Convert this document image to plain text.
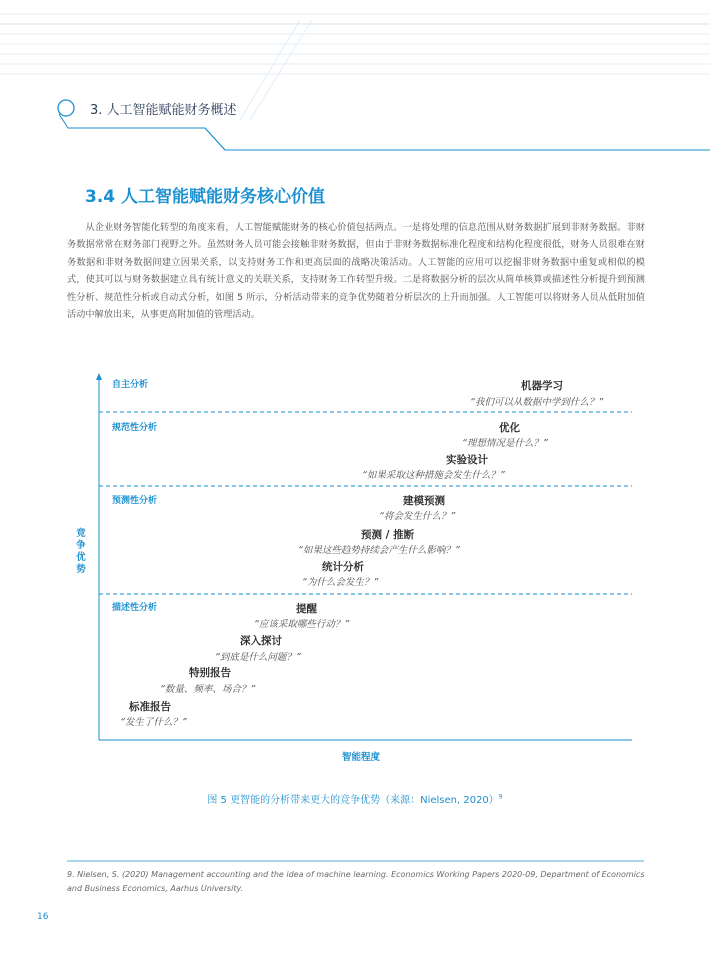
3. 人工智能赋能财务概述
3.4 人工智能赋能财务核心价值
从企业财务智能化转型的角度来看，人工智能赋能财务的核心价值包括两点。一是将处理的信息范围从财务数据扩展到非财务数据。非财务数据常常在财务部门视野之外。虽然财务人员可能会接触非财务数据，但由于非财务数据标准化程度和结构化程度很低，财务人员很难在财务数据和非财务数据间建立因果关系，以支持财务工作和更高层面的战略决策活动。人工智能的应用可以挖掘非财务数据中重复或相似的模式，使其可以与财务数据建立具有统计意义的关联关系，支持财务工作转型升级。二是将数据分析的层次从简单核算或描述性分析提升到预测性分析、规范性分析或自动式分析，如图 5 所示，分析活动带来的竞争优势随着分析层次的上升而加强。人工智能可以将财务人员从低附加值活动中解放出来，从事更高附加值的管理活动。
竞争优势
智能程度
自主分析
规范性分析
预测性分析
描述性分析
机器学习
“我们可以从数据中学到什么？”
优化
“理想情况是什么？”
实验设计
“如果采取这种措施会发生什么？”
建模预测
“将会发生什么？”
预测 / 推断
“如果这些趋势持续会产生什么影响？”
统计分析
“为什么会发生？”
提醒
“应该采取哪些行动？”
深入探讨
“到底是什么问题？”
特别报告
“数量、频率、场合？”
标准报告
“发生了什么？”
图 5 更智能的分析带来更大的竞争优势（来源：Nielsen, 2020）$^9$
9. Nielsen, S. (2020) Management accounting and the idea of machine learning. Economics Working Papers 2020-09, Department of Economics and Business Economics, Aarhus University.
16
